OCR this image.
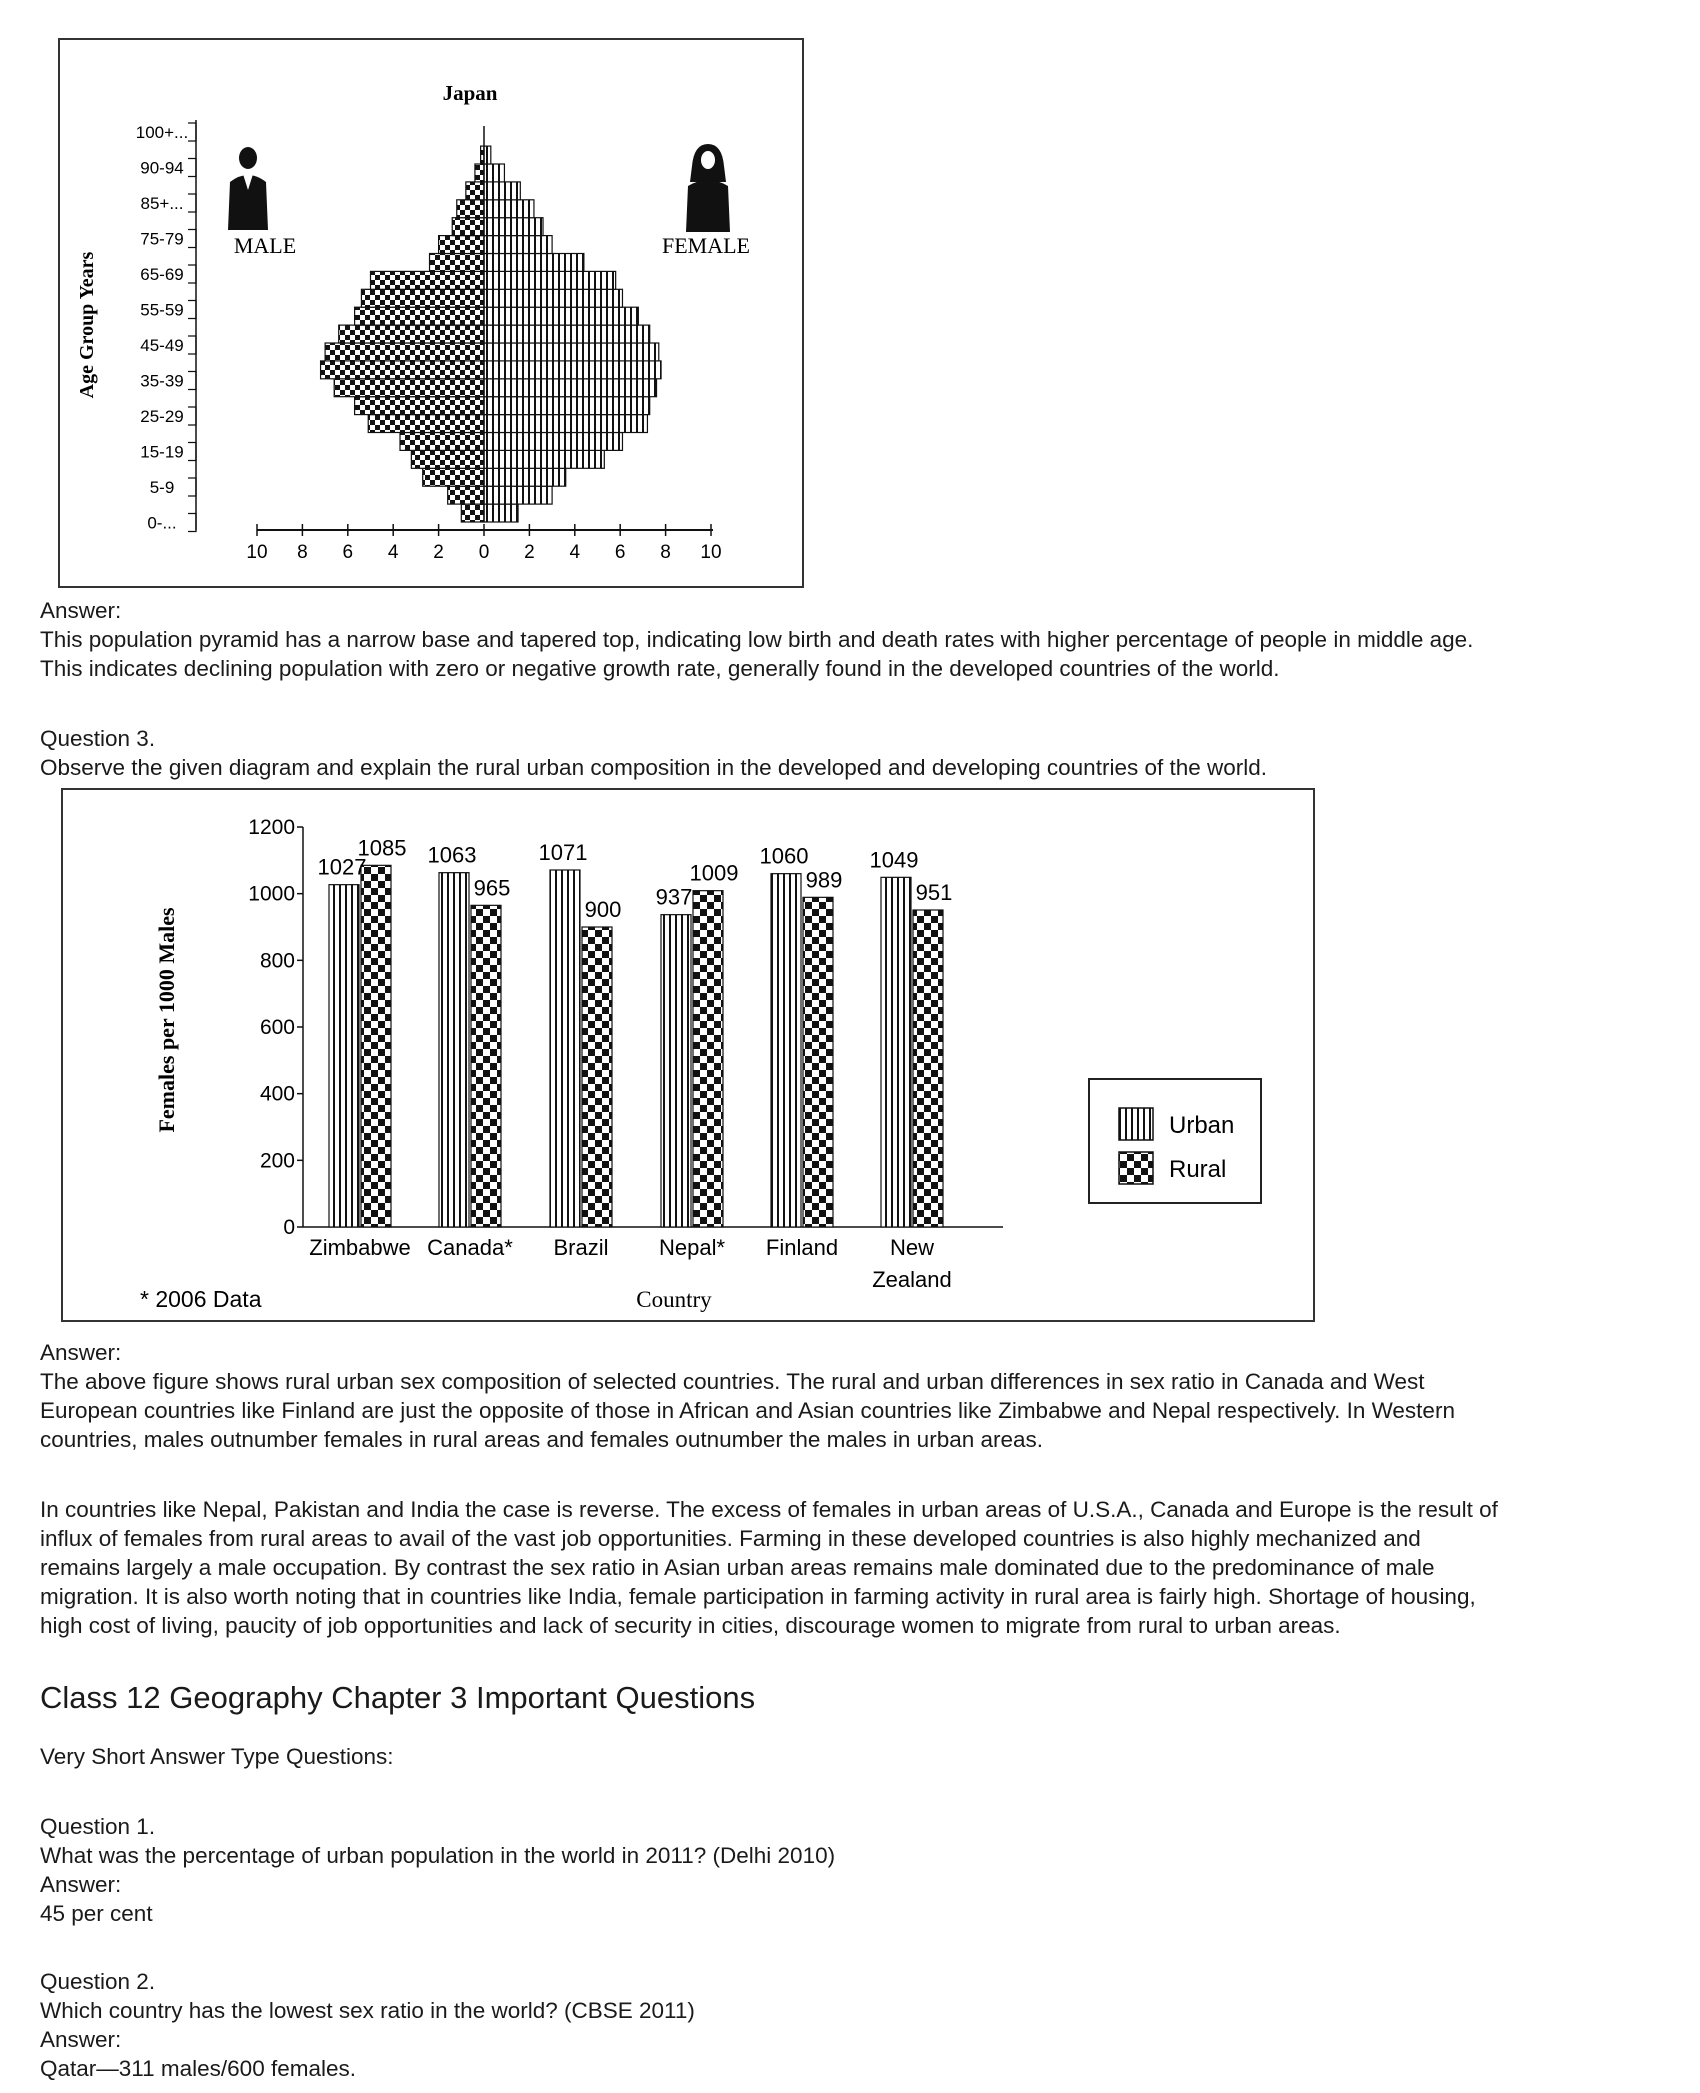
Japan
Age Group Years
100+...
90-94
85+...
75-79
65-69
55-59
45-49
35-39
25-29
15-19
5-9
0-...
10 8 6 4 2 0 2 4 6 8 10
MALE	FEMALE
Answer:
This population pyramid has a narrow base and tapered top, indicating low birth and death rates with higher percentage of people in middle age.
This indicates declining population with zero or negative growth rate, generally found in the developed countries of the world.
Question 3.
Observe the given diagram and explain the rural urban composition in the developed and developing countries of the world.
Females per 1000 Males
0
200
400
600
800
1000
1200
1027
1085 1063
965
1071
900 937
1009
1060
989
1049
951
Zimbabwe Canada* Brazil Nepal* Finland New
Zealand
Country
* 2006 Data
Urban
Rural
Answer:
The above figure shows rural urban sex composition of selected countries. The rural and urban differences in sex ratio in Canada and West
European countries like Finland are just the opposite of those in African and Asian countries like Zimbabwe and Nepal respectively. In Western
countries, males outnumber females in rural areas and females outnumber the males in urban areas.
In countries like Nepal, Pakistan and India the case is reverse. The excess of females in urban areas of U.S.A., Canada and Europe is the result of
influx of females from rural areas to avail of the vast job opportunities. Farming in these developed countries is also highly mechanized and
remains largely a male occupation. By contrast the sex ratio in Asian urban areas remains male dominated due to the predominance of male
migration. It is also worth noting that in countries like India, female participation in farming activity in rural area is fairly high. Shortage of housing,
high cost of living, paucity of job opportunities and lack of security in cities, discourage women to migrate from rural to urban areas.
Class 12 Geography Chapter 3 Important Questions
Very Short Answer Type Questions:
Question 1.
What was the percentage of urban population in the world in 2011? (Delhi 2010)
Answer:
45 per cent
Question 2.
Which country has the lowest sex ratio in the world? (CBSE 2011)
Answer:
Qatar—311 males/600 females.
